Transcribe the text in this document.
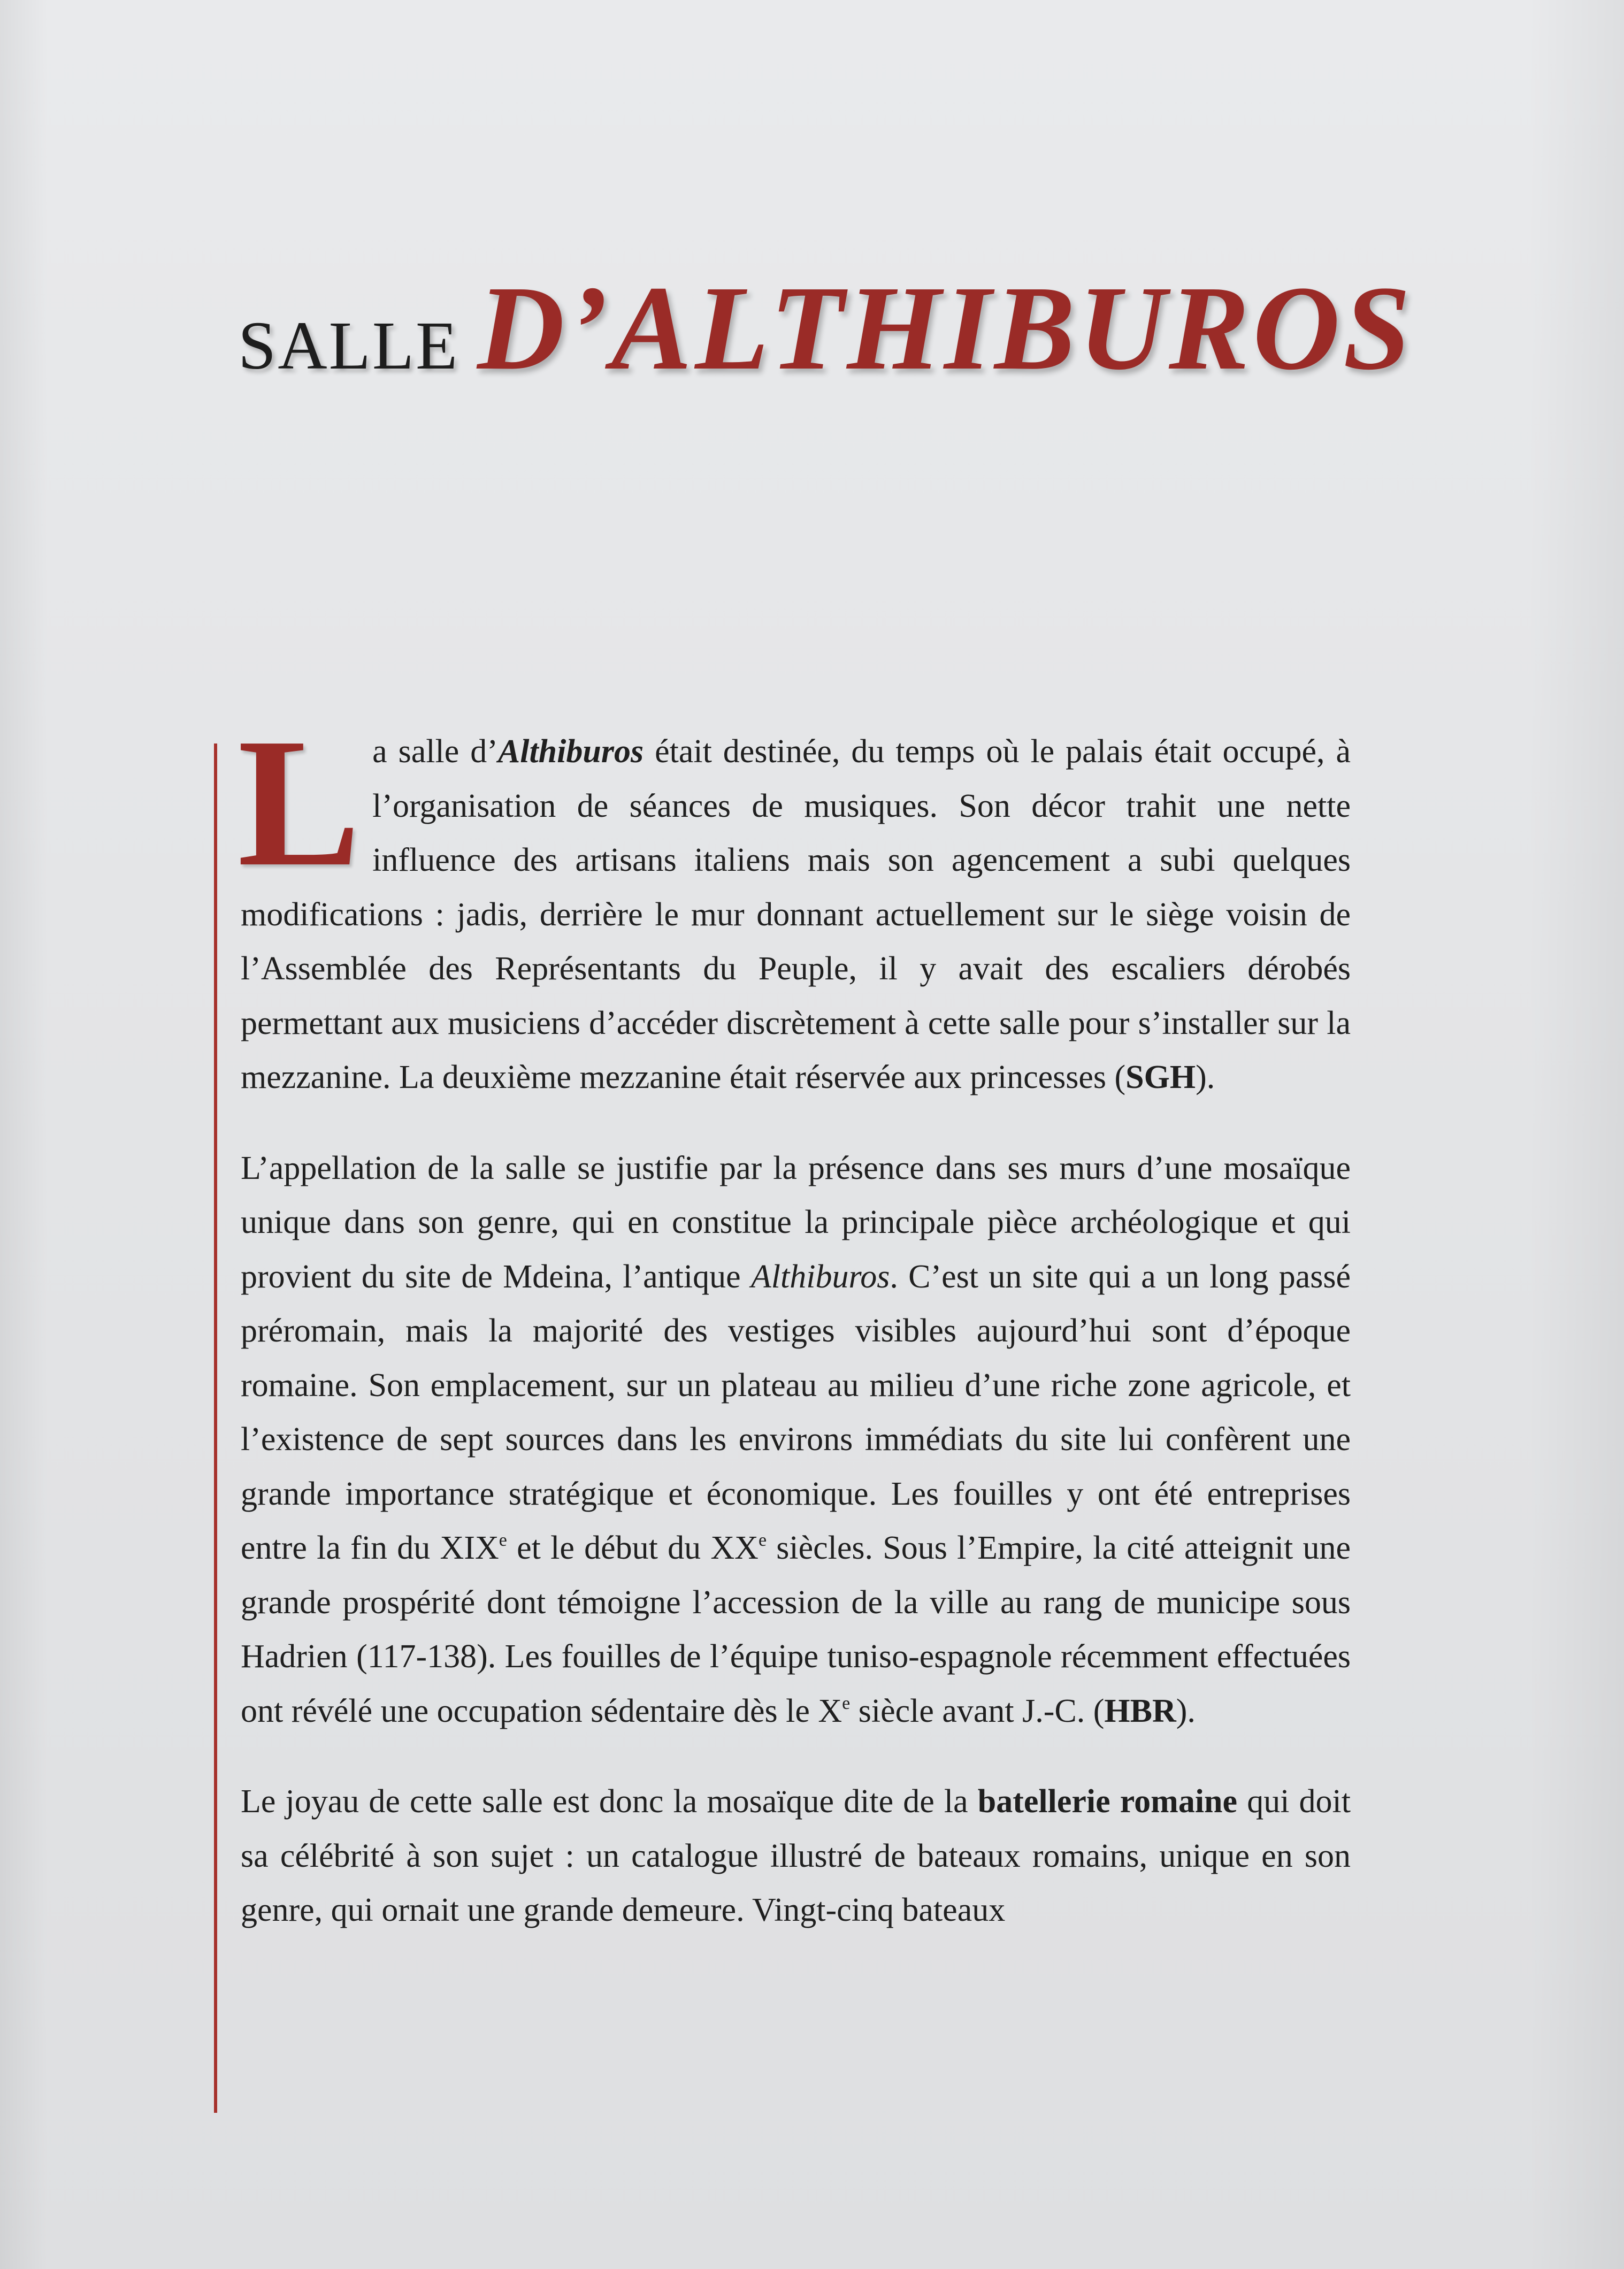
SALLE D’ALTHIBUROS

La salle d’Althiburos était destinée, du temps où le palais était occupé, à l’organisation de séances de musiques. Son décor trahit une nette influence des artisans italiens mais son agencement a subi quelques modifications : jadis, derrière le mur donnant actuellement sur le siège voisin de l’Assemblée des Représentants du Peuple, il y avait des escaliers dérobés permettant aux musiciens d’accéder discrètement à cette salle pour s’installer sur la mezzanine. La deuxième mezzanine était réservée aux princesses (SGH).

L’appellation de la salle se justifie par la présence dans ses murs d’une mosaïque unique dans son genre, qui en constitue la principale pièce archéologique et qui provient du site de Mdeina, l’antique Althiburos. C’est un site qui a un long passé préromain, mais la majorité des vestiges visibles aujourd’hui sont d’époque romaine. Son emplacement, sur un plateau au milieu d’une riche zone agricole, et l’existence de sept sources dans les environs immédiats du site lui confèrent une grande importance stratégique et économique. Les fouilles y ont été entreprises entre la fin du XIXe et le début du XXe siècles. Sous l’Empire, la cité atteignit une grande prospérité dont témoigne l’accession de la ville au rang de municipe sous Hadrien (117-138). Les fouilles de l’équipe tuniso-espagnole récemment effectuées ont révélé une occupation sédentaire dès le Xe siècle avant J.-C. (HBR).

Le joyau de cette salle est donc la mosaïque dite de la batellerie romaine qui doit sa célébrité à son sujet : un catalogue illustré de bateaux romains, unique en son genre, qui ornait une grande demeure. Vingt-cinq bateaux
